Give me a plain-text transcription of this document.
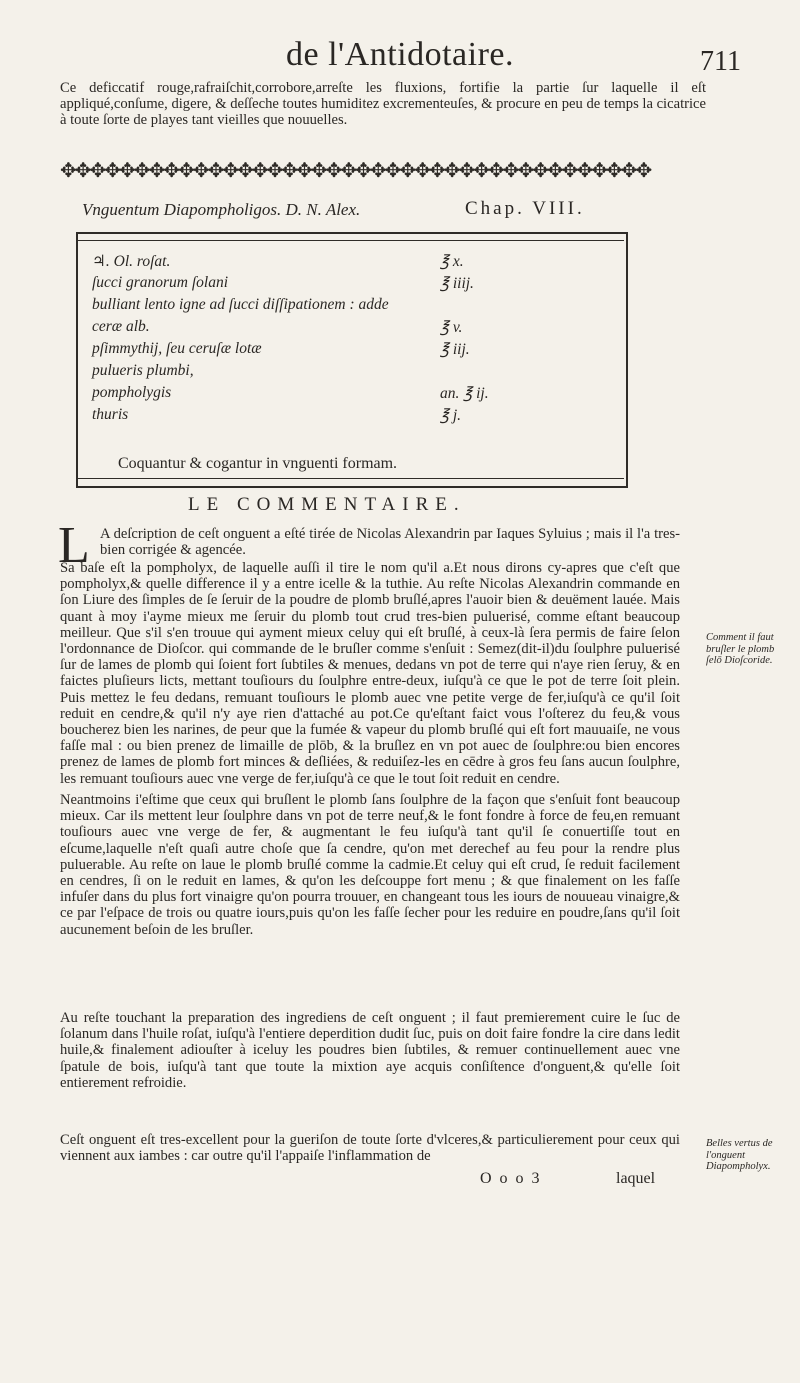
de l'Antidotaire.	711
Ce deficcatif rouge,rafraiſchit,corrobore,arreſte les fluxions, fortifie la partie ſur laquelle il eſt appliqué,conſume, digere, & deſſeche toutes humiditez excrementeuſes, & procure en peu de temps la cicatrice à toute ſorte de playes tant vieilles que nouuelles.
✥✥✥✥✥✥✥✥✥✥✥✥✥✥✥✥✥✥✥✥✥✥✥✥✥✥✥✥✥✥✥✥✥✥✥✥✥✥✥✥
Vnguentum Diapompholigos. D. N. Alex.	Chap. VIII.
♃. Ol. roſat.	℥ x.
ſucci granorum ſolani	℥ iiij.
bulliant lento igne ad ſucci diſſipationem : adde
ceræ alb.	℥ v.
pſimmythij, ſeu ceruſæ lotæ	℥ iij.
pulueris plumbi,
pompholygis	an. ℥ ij.
thuris	℥ j.
Coquantur & cogantur in vnguenti formam.
LE COMMENTAIRE.
L A deſcription de ceſt onguent a eſté tirée de Nicolas Alexandrin par Iaques Syluius ; mais il l'a tres-bien corrigée & agencée.
Sa baſe eſt la pompholyx, de laquelle auſſi il tire le nom qu'il a.Et nous dirons cy-apres que c'eſt que pompholyx,& quelle difference il y a entre icelle & la tuthie. Au reſte Nicolas Alexandrin commande en ſon Liure des ſimples de ſe ſeruir de la poudre de plomb bruſlé,apres l'auoir bien & deuëment lauée. Mais quant à moy i'ayme mieux me ſeruir du plomb tout crud tres-bien puluerisé, comme eſtant beaucoup meilleur. Que s'il s'en trouue qui ayment mieux celuy qui eſt bruſlé, à ceux-là ſera permis de faire ſelon l'ordonnance de Dioſcor. qui commande de le bruſler comme s'enſuit : Semez(dit-il)du ſoulphre puluerisé ſur de lames de plomb qui ſoient fort ſubtiles & menues, dedans vn pot de terre qui n'aye rien ſeruy, & en faictes pluſieurs licts, mettant touſiours du ſoulphre entre-deux, iuſqu'à ce que le pot de terre ſoit plein. Puis mettez le feu dedans, remuant touſiours le plomb auec vne petite verge de fer,iuſqu'à ce qu'il ſoit reduit en cendre,& qu'il n'y aye rien d'attaché au pot.Ce qu'eſtant faict vous l'oſterez du feu,& vous boucherez bien les narines, de peur que la fumée & vapeur du plomb bruſlé qui eſt fort mauuaiſe, ne vous faſſe mal : ou bien prenez de limaille de plōb, & la bruſlez en vn pot auec de ſoulphre:ou bien encores prenez de lames de plomb fort minces & deſliées, & reduiſez-les en cēdre à gros feu ſans aucun ſoulphre, les remuant touſiours auec vne verge de fer,iuſqu'à ce que le tout ſoit reduit en cendre.
Neantmoins i'eſtime que ceux qui bruſlent le plomb ſans ſoulphre de la façon que s'enſuit font beaucoup mieux. Car ils mettent leur ſoulphre dans vn pot de terre neuf,& le font fondre à force de feu,en remuant touſiours auec vne verge de fer, & augmentant le feu iuſqu'à tant qu'il ſe conuertiſſe tout en eſcume,laquelle n'eſt quaſi autre choſe que ſa cendre, qu'on met derechef au feu pour la rendre plus puluerable. Au reſte on laue le plomb bruſlé comme la cadmie.Et celuy qui eſt crud, ſe reduit facilement en cendres, ſi on le reduit en lames, & qu'on les deſcouppe fort menu ; & que finalement on les faſſe infuſer dans du plus fort vinaigre qu'on pourra trouuer, en changeant tous les iours de nouueau vinaigre,& ce par l'eſpace de trois ou quatre iours,puis qu'on les faſſe ſecher pour les reduire en poudre,ſans qu'il ſoit aucunement beſoin de les bruſler.
Au reſte touchant la preparation des ingrediens de ceſt onguent ; il faut premierement cuire le ſuc de ſolanum dans l'huile roſat, iuſqu'à l'entiere deperdition dudit ſuc, puis on doit faire fondre la cire dans ledit huile,& finalement adiouſter à iceluy les poudres bien ſubtiles, & remuer continuellement auec vne ſpatule de bois, iuſqu'à tant que toute la mixtion aye acquis conſiſtence d'onguent,& qu'elle ſoit entierement refroidie.
Ceſt onguent eſt tres-excellent pour la gueriſon de toute ſorte d'vlceres,& particulierement pour ceux qui viennent aux iambes : car outre qu'il l'appaiſe l'inflammation de
Comment il faut bruſler le plomb ſelō Dioſcoride.
Belles vertus de l'onguent Diapompholyx.
O o o 3	laquel
